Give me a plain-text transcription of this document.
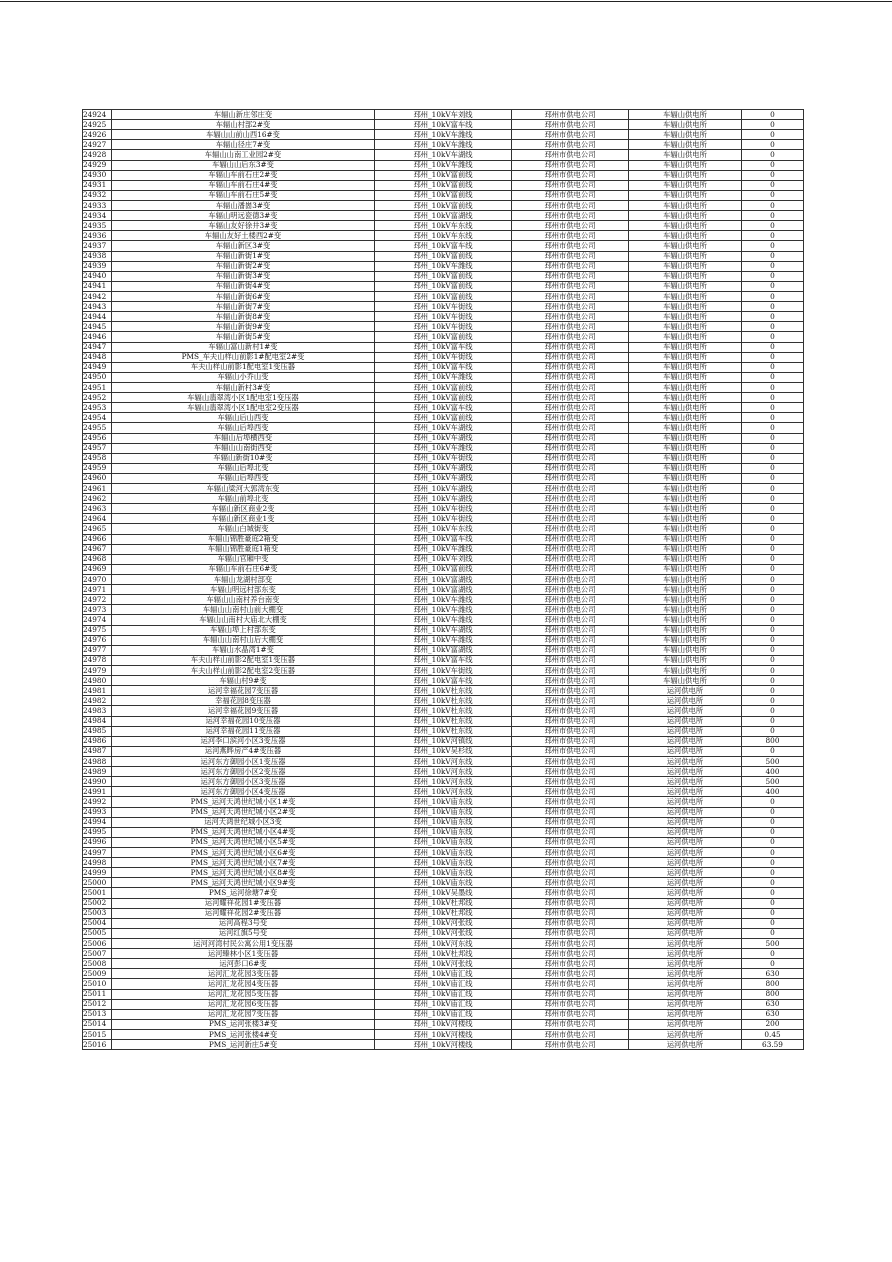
24924	车辐山新庄邻庄变	邳州_10kV车刘线	邳州市供电公司	车辐山供电所	0
24925	车辐山村部2#变	邳州_10kV富车线	邳州市供电公司	车辐山供电所	0
24926	车辐山山前山西16#变	邳州_10kV车潍线	邳州市供电公司	车辐山供电所	0
24927	车辐山径庄7#变	邳州_10kV车潍线	邳州市供电公司	车辐山供电所	0
24928	车辐山山南工业园2#变	邳州_10kV车湖线	邳州市供电公司	车辐山供电所	0
24929	车辐山山后东3#变	邳州_10kV车潍线	邳州市供电公司	车辐山供电所	0
24930	车辐山车前石庄2#变	邳州_10kV富前线	邳州市供电公司	车辐山供电所	0
24931	车辐山车前石庄4#变	邳州_10kV富前线	邳州市供电公司	车辐山供电所	0
24932	车辐山车前石庄5#变	邳州_10kV富前线	邳州市供电公司	车辐山供电所	0
24933	车辐山潘崮3#变	邳州_10kV富前线	邳州市供电公司	车辐山供电所	0
24934	车辐山明远瓷德3#变	邳州_10kV富湖线	邳州市供电公司	车辐山供电所	0
24935	车辐山友好徐井3#变	邳州_10kV车东线	邳州市供电公司	车辐山供电所	0
24936	车辐山友好土楼西2#变	邳州_10kV车东线	邳州市供电公司	车辐山供电所	0
24937	车辐山新区3#变	邳州_10kV富车线	邳州市供电公司	车辐山供电所	0
24938	车辐山新街1#变	邳州_10kV富前线	邳州市供电公司	车辐山供电所	0
24939	车辐山新街2#变	邳州_10kV车潍线	邳州市供电公司	车辐山供电所	0
24940	车辐山新街3#变	邳州_10kV富前线	邳州市供电公司	车辐山供电所	0
24941	车辐山新街4#变	邳州_10kV富前线	邳州市供电公司	车辐山供电所	0
24942	车辐山新街6#变	邳州_10kV富前线	邳州市供电公司	车辐山供电所	0
24943	车辐山新街7#变	邳州_10kV车街线	邳州市供电公司	车辐山供电所	0
24944	车辐山新街8#变	邳州_10kV车街线	邳州市供电公司	车辐山供电所	0
24945	车辐山新街9#变	邳州_10kV车街线	邳州市供电公司	车辐山供电所	0
24946	车辐山新街5#变	邳州_10kV富前线	邳州市供电公司	车辐山供电所	0
24947	车辐山富山新村1#变	邳州_10kV富车线	邳州市供电公司	车辐山供电所	0
24948	PMS_车夫山样山前影1#配电室2#变	邳州_10kV车街线	邳州市供电公司	车辐山供电所	0
24949	车夫山样山前影1配电室1变压器	邳州_10kV富车线	邳州市供电公司	车辐山供电所	0
24950	车辐山小乔山变	邳州_10kV车潍线	邳州市供电公司	车辐山供电所	0
24951	车辐山新村3#变	邳州_10kV富前线	邳州市供电公司	车辐山供电所	0
24952	车辐山翡翠湾小区1配电室1变压器	邳州_10kV富前线	邳州市供电公司	车辐山供电所	0
24953	车辐山翡翠湾小区1配电室2变压器	邳州_10kV富车线	邳州市供电公司	车辐山供电所	0
24954	车辐山后山西变	邳州_10kV富前线	邳州市供电公司	车辐山供电所	0
24955	车辐山后埠西变	邳州_10kV车湖线	邳州市供电公司	车辐山供电所	0
24956	车辐山后埠横西变	邳州_10kV车湖线	邳州市供电公司	车辐山供电所	0
24957	车辐山山南街西变	邳州_10kV车潍线	邳州市供电公司	车辐山供电所	0
24958	车辐山新街10#变	邳州_10kV车街线	邳州市供电公司	车辐山供电所	0
24959	车辐山后埠北变	邳州_10kV车湖线	邳州市供电公司	车辐山供电所	0
24960	车辐山后埠西变	邳州_10kV车湖线	邳州市供电公司	车辐山供电所	0
24961	车辐山梁河大郭湾东变	邳州_10kV车湖线	邳州市供电公司	车辐山供电所	0
24962	车辐山前埠北变	邳州_10kV车湖线	邳州市供电公司	车辐山供电所	0
24963	车辐山新区商业2变	邳州_10kV车街线	邳州市供电公司	车辐山供电所	0
24964	车辐山新区商业1变	邳州_10kV车街线	邳州市供电公司	车辐山供电所	0
24965	车辐山白城街变	邳州_10kV车东线	邳州市供电公司	车辐山供电所	0
24966	车辐山锦胜豪庭2箱变	邳州_10kV富车线	邳州市供电公司	车辐山供电所	0
24967	车辐山锦胜豪庭1箱变	邳州_10kV车潍线	邳州市供电公司	车辐山供电所	0
24968	车辐山官厢中变	邳州_10kV车刘线	邳州市供电公司	车辐山供电所	0
24969	车辐山车前石庄6#变	邳州_10kV富前线	邳州市供电公司	车辐山供电所	0
24970	车辐山龙湖村部变	邳州_10kV富湖线	邳州市供电公司	车辐山供电所	0
24971	车辐山明远村部东变	邳州_10kV富湖线	邳州市供电公司	车辐山供电所	0
24972	车辐山山南村养台南变	邳州_10kV车潍线	邳州市供电公司	车辐山供电所	0
24973	车辐山山南村山前大棚变	邳州_10kV车潍线	邳州市供电公司	车辐山供电所	0
24974	车辐山山南村大庙北大棚变	邳州_10kV车潍线	邳州市供电公司	车辐山供电所	0
24975	车辐山埠上村部东变	邳州_10kV车湖线	邳州市供电公司	车辐山供电所	0
24976	车辐山山南村山后大棚变	邳州_10kV车潍线	邳州市供电公司	车辐山供电所	0
24977	车辐山水晶湾1#变	邳州_10kV富湖线	邳州市供电公司	车辐山供电所	0
24978	车夫山样山前影2配电室1变压器	邳州_10kV富车线	邳州市供电公司	车辐山供电所	0
24979	车夫山样山前影2配电室2变压器	邳州_10kV车街线	邳州市供电公司	车辐山供电所	0
24980	车辐山村9#变	邳州_10kV富车线	邳州市供电公司	车辐山供电所	0
24981	运河幸福花园7变压器	邳州_10kV杜东线	邳州市供电公司	运河供电所	0
24982	幸福花园8变压器	邳州_10kV杜东线	邳州市供电公司	运河供电所	0
24983	运河幸福花园9变压器	邳州_10kV杜东线	邳州市供电公司	运河供电所	0
24984	运河幸福花园10变压器	邳州_10kV杜东线	邳州市供电公司	运河供电所	0
24985	运河幸福花园11变压器	邳州_10kV杜东线	邳州市供电公司	运河供电所	0
24986	运河李口滨河小区3变压器	邳州_10kV河镇线	邳州市供电公司	运河供电所	800
24987	运河燕晔房产4#变压器	邳州_10kV吴杉线	邳州市供电公司	运河供电所	0
24988	运河东方御园小区1变压器	邳州_10kV河东线	邳州市供电公司	运河供电所	500
24989	运河东方御园小区2变压器	邳州_10kV河东线	邳州市供电公司	运河供电所	400
24990	运河东方御园小区3变压器	邳州_10kV河东线	邳州市供电公司	运河供电所	500
24991	运河东方御园小区4变压器	邳州_10kV河东线	邳州市供电公司	运河供电所	400
24992	PMS_运河天鸿世纪城小区1#变	邳州_10kV庙东线	邳州市供电公司	运河供电所	0
24993	PMS_运河天鸿世纪城小区2#变	邳州_10kV庙东线	邳州市供电公司	运河供电所	0
24994	运河天鸿世纪城小区3变	邳州_10kV庙东线	邳州市供电公司	运河供电所	0
24995	PMS_运河天鸿世纪城小区4#变	邳州_10kV庙东线	邳州市供电公司	运河供电所	0
24996	PMS_运河天鸿世纪城小区5#变	邳州_10kV庙东线	邳州市供电公司	运河供电所	0
24997	PMS_运河天鸿世纪城小区6#变	邳州_10kV庙东线	邳州市供电公司	运河供电所	0
24998	PMS_运河天鸿世纪城小区7#变	邳州_10kV庙东线	邳州市供电公司	运河供电所	0
24999	PMS_运河天鸿世纪城小区8#变	邳州_10kV庙东线	邳州市供电公司	运河供电所	0
25000	PMS_运河天鸿世纪城小区9#变	邳州_10kV庙东线	邳州市供电公司	运河供电所	0
25001	PMS_运河徐塘7#变	邳州_10kV吴墨线	邳州市供电公司	运河供电所	0
25002	运河耀祥花园1#变压器	邳州_10kV杜邦线	邳州市供电公司	运河供电所	0
25003	运河耀祥花园2#变压器	邳州_10kV杜邦线	邳州市供电公司	运河供电所	0
25004	运河高程3号变	邳州_10kV河张线	邳州市供电公司	运河供电所	0
25005	运河红旗5号变	邳州_10kV河张线	邳州市供电公司	运河供电所	0
25006	运河河湾村民公寓公用1变压器	邳州_10kV河东线	邳州市供电公司	运河供电所	500
25007	运河臻林小区1变压器	邳州_10kV杜邦线	邳州市供电公司	运河供电所	0
25008	运河彭口6#变	邳州_10kV河张线	邳州市供电公司	运河供电所	0
25009	运河汇龙花园3变压器	邳州_10kV庙汇线	邳州市供电公司	运河供电所	630
25010	运河汇龙花园4变压器	邳州_10kV庙汇线	邳州市供电公司	运河供电所	800
25011	运河汇龙花园5变压器	邳州_10kV庙汇线	邳州市供电公司	运河供电所	800
25012	运河汇龙花园6变压器	邳州_10kV庙汇线	邳州市供电公司	运河供电所	630
25013	运河汇龙花园7变压器	邳州_10kV庙汇线	邳州市供电公司	运河供电所	630
25014	PMS_运河张楼3#变	邳州_10kV河楼线	邳州市供电公司	运河供电所	200
25015	PMS_运河张楼4#变	邳州_10kV河楼线	邳州市供电公司	运河供电所	0.45
25016	PMS_运河新庄5#变	邳州_10kV河楼线	邳州市供电公司	运河供电所	63.59
